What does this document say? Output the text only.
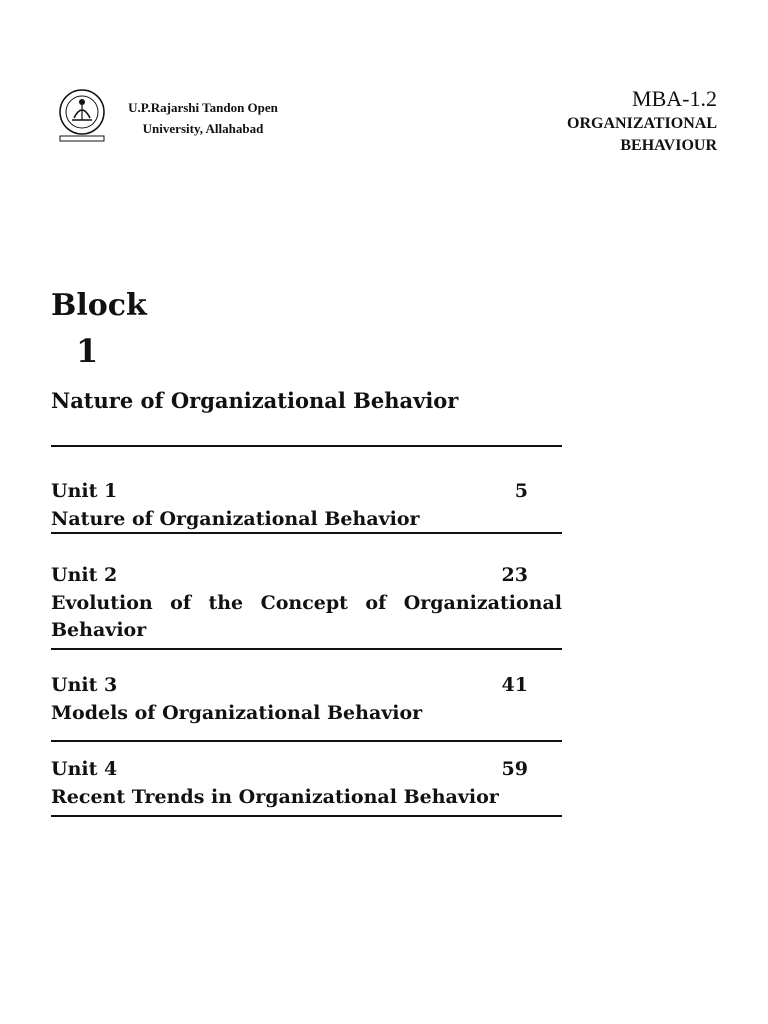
U.P.Rajarshi Tandon Open
University, Allahabad
MBA-1.2
ORGANIZATIONAL
BEHAVIOUR
Block
1
Nature of Organizational Behavior
Unit 1	5
Nature of Organizational Behavior
Unit 2	23
Evolution of the Concept of Organizational Behavior
Unit 3	41
Models of Organizational Behavior
Unit 4	59
Recent Trends in Organizational Behavior
